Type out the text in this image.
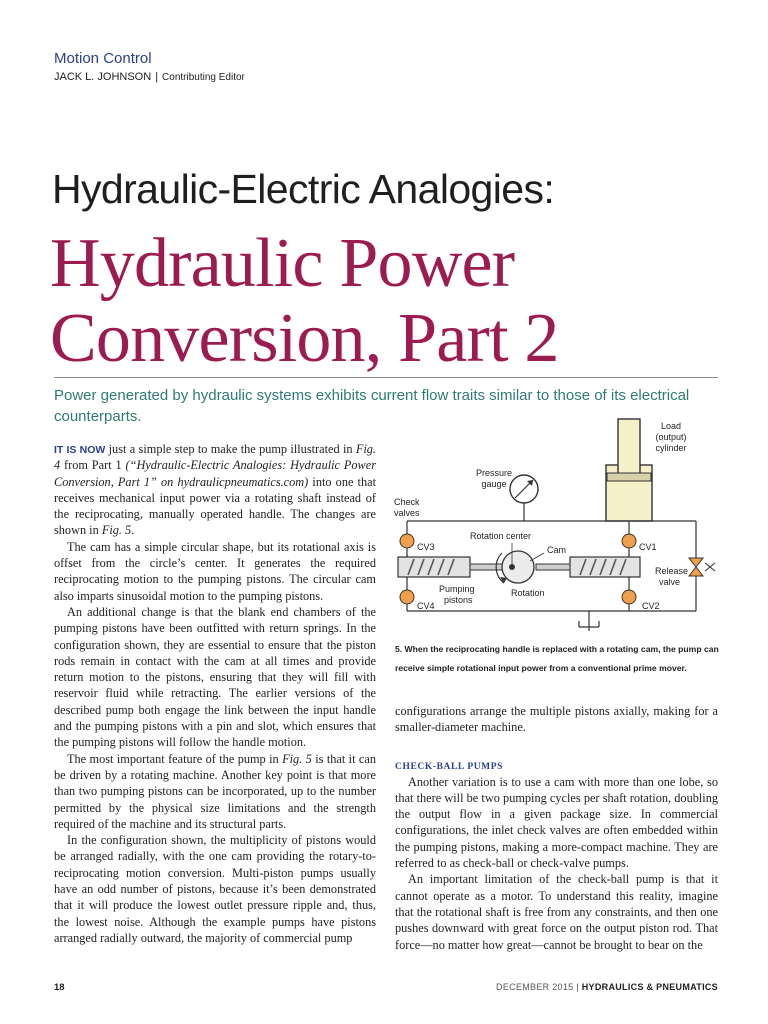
Motion Control
JACK L. JOHNSON | Contributing Editor
Hydraulic-Electric Analogies:
Hydraulic Power
Conversion, Part 2
Power generated by hydraulic systems exhibits current flow traits similar to those of its electrical counterparts.

IT IS NOW just a simple step to make the pump illustrated in Fig. 4 from Part 1 (“Hydraulic-Electric Analogies: Hydraulic Power Conversion, Part 1” on hydraulicpneumatics.com) into one that receives mechanical input power via a rotating shaft instead of the reciprocating, manually operated handle. The changes are shown in Fig. 5.

The cam has a simple circular shape, but its rotational axis is offset from the circle’s center. It generates the required reciprocating motion to the pumping pistons. The circular cam also imparts sinusoidal motion to the pumping pistons.

An additional change is that the blank end chambers of the pumping pistons have been outfitted with return springs. In the configuration shown, they are essential to ensure that the piston rods remain in contact with the cam at all times and provide return motion to the pistons, ensuring that they will fill with reservoir fluid while retracting. The earlier versions of the described pump both engage the link between the input handle and the pumping pistons with a pin and slot, which ensures that the pumping pistons will follow the handle motion.

The most important feature of the pump in Fig. 5 is that it can be driven by a rotating machine. Another key point is that more than two pumping pistons can be incorporated, up to the number permitted by the physical size limitations and the strength required of the machine and its structural parts.

In the configuration shown, the multiplicity of pistons would be arranged radially, with the one cam providing the rotary-to-reciprocating motion conversion. Multi-piston pumps usually have an odd number of pistons, because it’s been demonstrated that it will produce the lowest outlet pressure ripple and, thus, the lowest noise. Although the example pumps have pistons arranged radially outward, the majority of commercial pump

Load
(output)
cylinder
Pressure
gauge
Check
valves
Rotation center
Cam
CV3	CV1
Release
valve
Pumping
pistons
Rotation
CV4	CV2
5. When the reciprocating handle is replaced with a rotating cam, the pump can receive simple rotational input power from a conventional prime mover.

configurations arrange the multiple pistons axially, making for a smaller-diameter machine.

CHECK-BALL PUMPS

Another variation is to use a cam with more than one lobe, so that there will be two pumping cycles per shaft rotation, doubling the output flow in a given package size. In commercial configurations, the inlet check valves are often embedded within the pumping pistons, making a more-compact machine. They are referred to as check-ball or check-valve pumps.

An important limitation of the check-ball pump is that it cannot operate as a motor. To understand this reality, imagine that the rotational shaft is free from any constraints, and then one pushes downward with great force on the output piston rod. That force—no matter how great—cannot be brought to bear on the

18	DECEMBER 2015 | HYDRAULICS & PNEUMATICS
